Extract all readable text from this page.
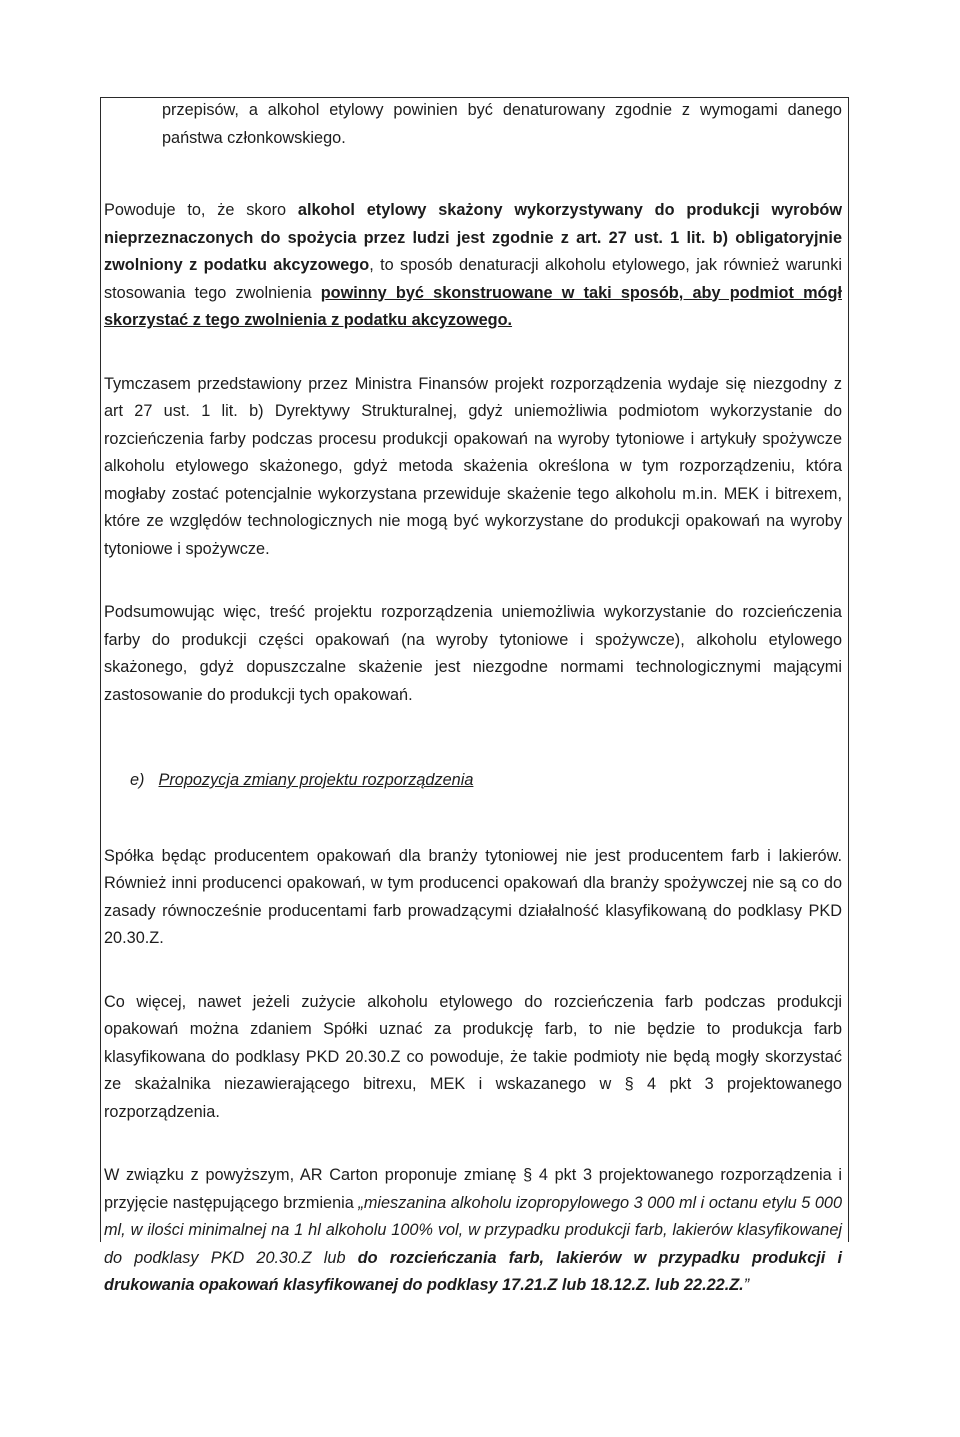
przepisów, a alkohol etylowy powinien być denaturowany zgodnie z wymogami danego państwa członkowskiego.

Powoduje to, że skoro alkohol etylowy skażony wykorzystywany do produkcji wyrobów nieprzeznaczonych do spożycia przez ludzi jest zgodnie z art. 27 ust. 1 lit. b) obligatoryjnie zwolniony z podatku akcyzowego, to sposób denaturacji alkoholu etylowego, jak również warunki stosowania tego zwolnienia powinny być skonstruowane w taki sposób, aby podmiot mógł skorzystać z tego zwolnienia z podatku akcyzowego.

Tymczasem przedstawiony przez Ministra Finansów projekt rozporządzenia wydaje się niezgodny z art 27 ust. 1 lit. b) Dyrektywy Strukturalnej, gdyż uniemożliwia podmiotom wykorzystanie do rozcieńczenia farby podczas procesu produkcji opakowań na wyroby tytoniowe i artykuły spożywcze alkoholu etylowego skażonego, gdyż metoda skażenia określona w tym rozporządzeniu, która mogłaby zostać potencjalnie wykorzystana przewiduje skażenie tego alkoholu m.in. MEK i bitrexem, które ze względów technologicznych nie mogą być wykorzystane do produkcji opakowań na wyroby tytoniowe i spożywcze.

Podsumowując więc, treść projektu rozporządzenia uniemożliwia wykorzystanie do rozcieńczenia farby do produkcji części opakowań (na wyroby tytoniowe i spożywcze), alkoholu etylowego skażonego, gdyż dopuszczalne skażenie jest niezgodne normami technologicznymi mającymi zastosowanie do produkcji tych opakowań.

e) Propozycja zmiany projektu rozporządzenia

Spółka będąc producentem opakowań dla branży tytoniowej nie jest producentem farb i lakierów. Również inni producenci opakowań, w tym producenci opakowań dla branży spożywczej nie są co do zasady równocześnie producentami farb prowadzącymi działalność klasyfikowaną do podklasy PKD 20.30.Z.

Co więcej, nawet jeżeli zużycie alkoholu etylowego do rozcieńczenia farb podczas produkcji opakowań można zdaniem Spółki uznać za produkcję farb, to nie będzie to produkcja farb klasyfikowana do podklasy PKD 20.30.Z co powoduje, że takie podmioty nie będą mogły skorzystać ze skażalnika niezawierającego bitrexu, MEK i wskazanego w § 4 pkt 3 projektowanego rozporządzenia.

W związku z powyższym, AR Carton proponuje zmianę § 4 pkt 3 projektowanego rozporządzenia i przyjęcie następującego brzmienia „mieszanina alkoholu izopropylowego 3 000 ml i octanu etylu 5 000 ml, w ilości minimalnej na 1 hl alkoholu 100% vol, w przypadku produkcji farb, lakierów klasyfikowanej do podklasy PKD 20.30.Z lub do rozcieńczania farb, lakierów w przypadku produkcji i drukowania opakowań klasyfikowanej do podklasy 17.21.Z lub 18.12.Z. lub 22.22.Z.”
